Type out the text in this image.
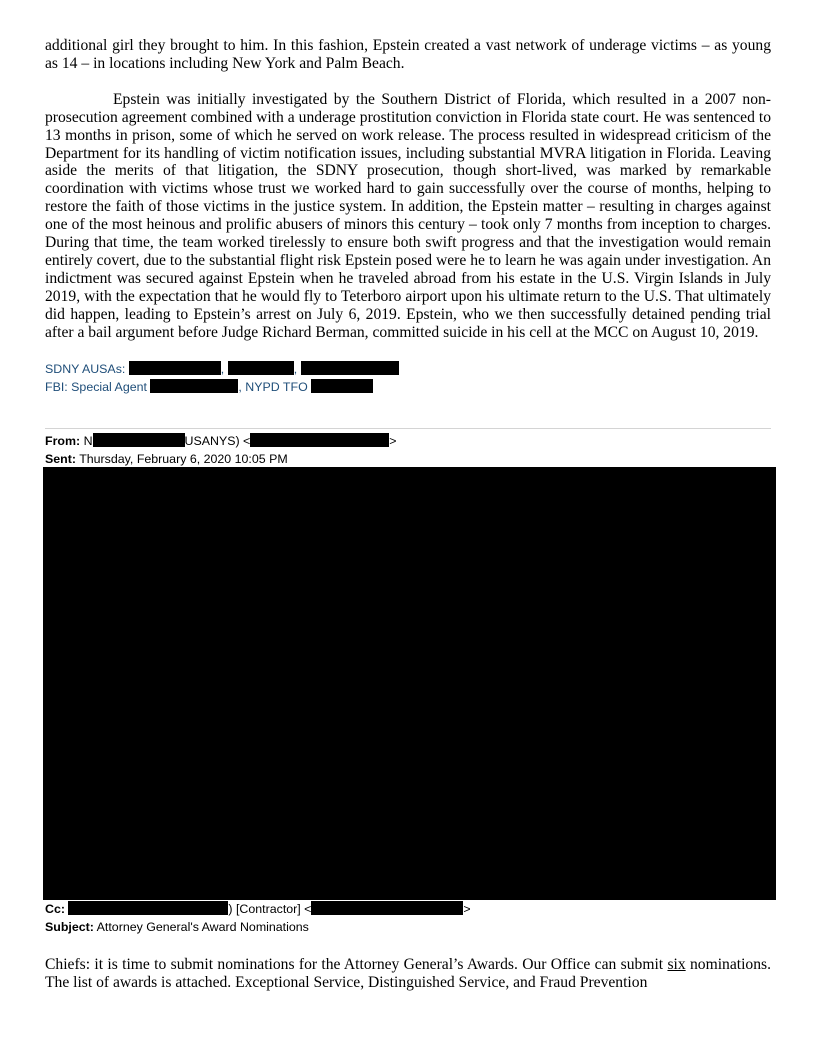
additional girl they brought to him. In this fashion, Epstein created a vast network of underage victims – as young as 14 – in locations including New York and Palm Beach.

Epstein was initially investigated by the Southern District of Florida, which resulted in a 2007 non-prosecution agreement combined with a underage prostitution conviction in Florida state court. He was sentenced to 13 months in prison, some of which he served on work release. The process resulted in widespread criticism of the Department for its handling of victim notification issues, including substantial MVRA litigation in Florida. Leaving aside the merits of that litigation, the SDNY prosecution, though short-lived, was marked by remarkable coordination with victims whose trust we worked hard to gain successfully over the course of months, helping to restore the faith of those victims in the justice system. In addition, the Epstein matter – resulting in charges against one of the most heinous and prolific abusers of minors this century – took only 7 months from inception to charges. During that time, the team worked tirelessly to ensure both swift progress and that the investigation would remain entirely covert, due to the substantial flight risk Epstein posed were he to learn he was again under investigation. An indictment was secured against Epstein when he traveled abroad from his estate in the U.S. Virgin Islands in July 2019, with the expectation that he would fly to Teterboro airport upon his ultimate return to the U.S. That ultimately did happen, leading to Epstein’s arrest on July 6, 2019. Epstein, who we then successfully detained pending trial after a bail argument before Judge Richard Berman, committed suicide in his cell at the MCC on August 10, 2019.

SDNY AUSAs:	,	,
FBI: Special Agent	, NYPD TFO
From: N	USANYS) <	>
Sent: Thursday, February 6, 2020 10:05 PM
Cc:	) [Contractor] <	>
Subject: Attorney General's Award Nominations

Chiefs: it is time to submit nominations for the Attorney General’s Awards. Our Office can submit six nominations. The list of awards is attached. Exceptional Service, Distinguished Service, and Fraud Prevention
